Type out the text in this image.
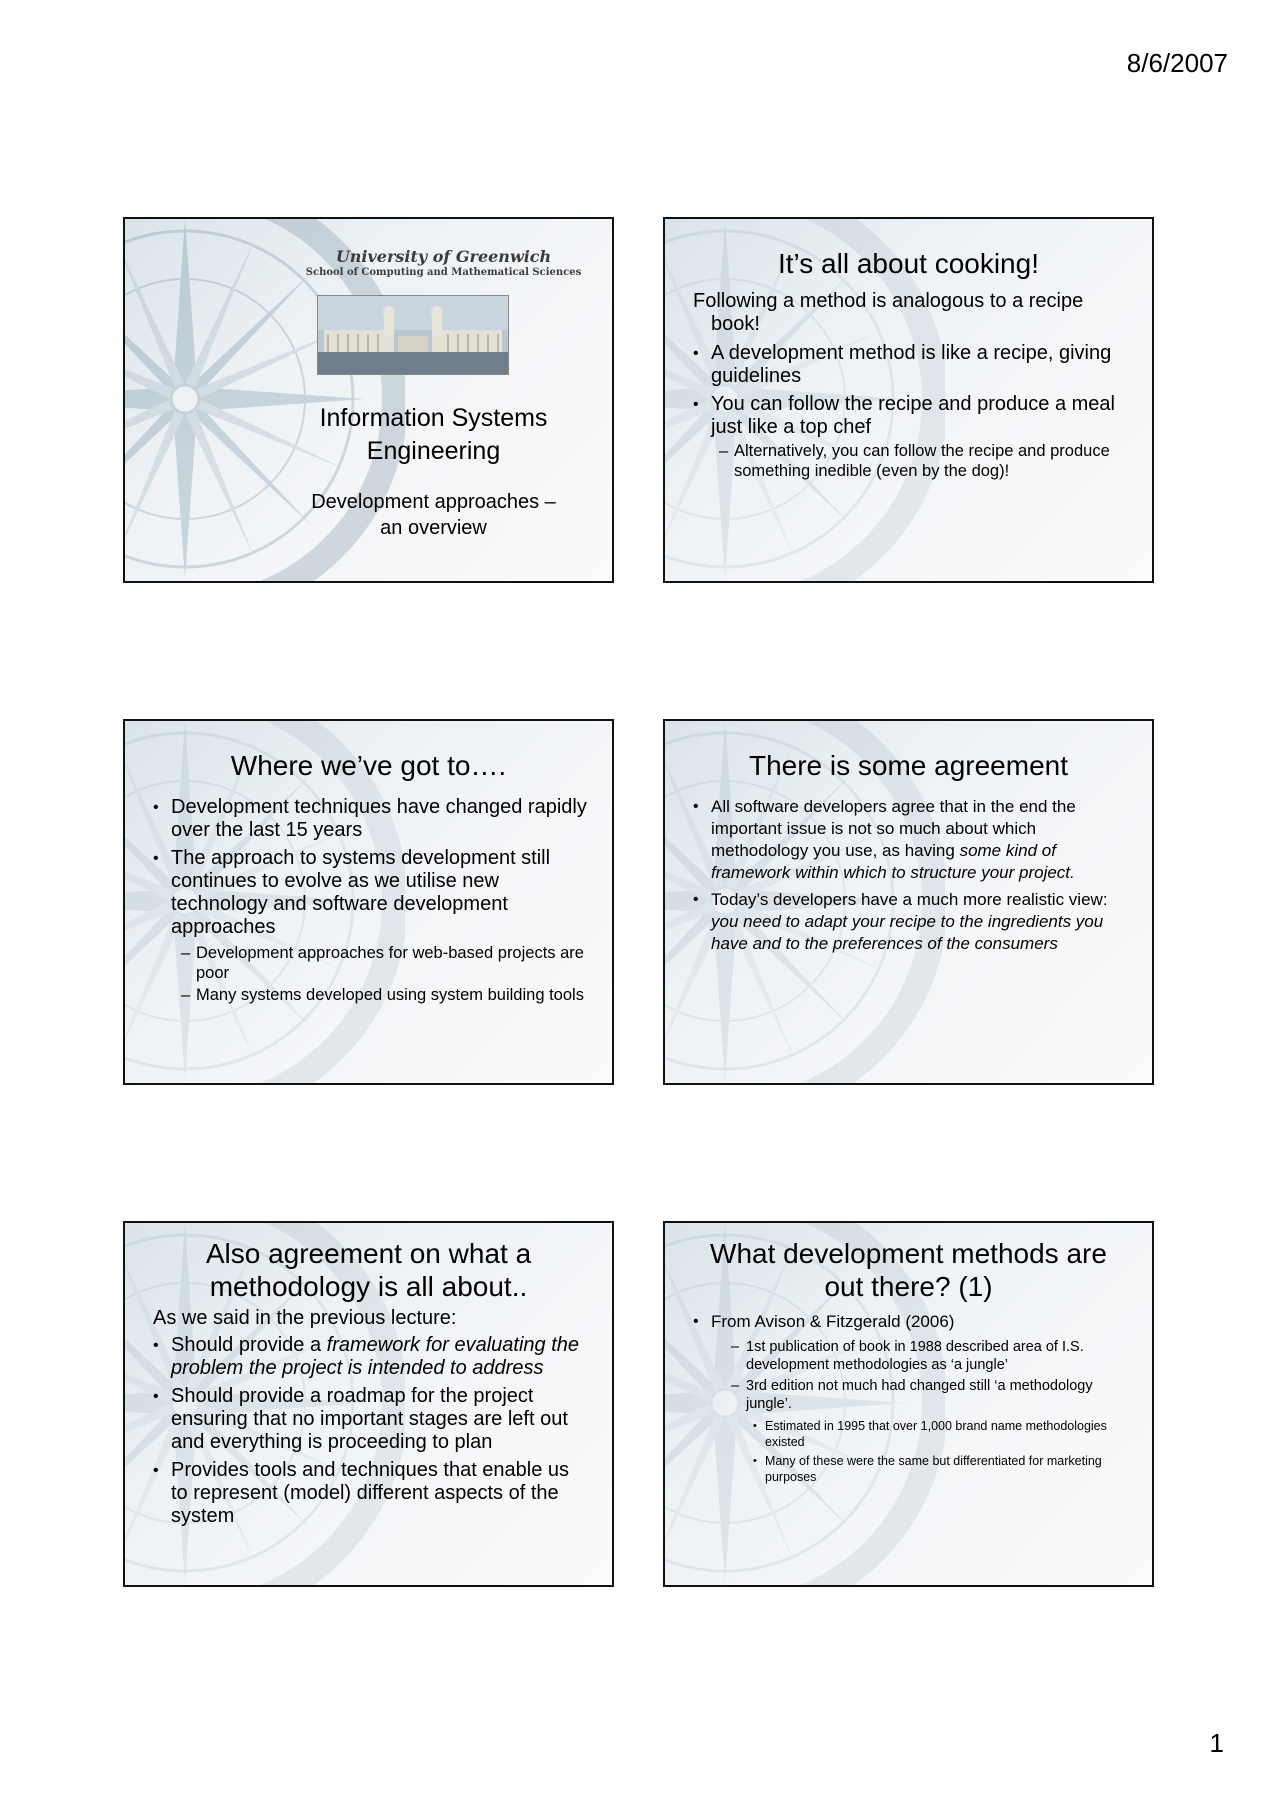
8/6/2007
University of Greenwich
School of Computing and Mathematical Sciences
Information Systems
Engineering
Development approaches –
an overview
It’s all about cooking!
Following a method is analogous to a recipe book!
• A development method is like a recipe, giving guidelines
• You can follow the recipe and produce a meal just like a top chef
– Alternatively, you can follow the recipe and produce something inedible (even by the dog)!
Where we’ve got to….
• Development techniques have changed rapidly over the last 15 years
• The approach to systems development still continues to evolve as we utilise new technology and software development approaches
– Development approaches for web-based projects are poor
– Many systems developed using system building tools
There is some agreement
• All software developers agree that in the end the important issue is not so much about which methodology you use, as having some kind of framework within which to structure your project.
• Today’s developers have a much more realistic view: you need to adapt your recipe to the ingredients you have and to the preferences of the consumers
Also agreement on what a
methodology is all about..
As we said in the previous lecture:
• Should provide a framework for evaluating the problem the project is intended to address
• Should provide a roadmap for the project ensuring that no important stages are left out and everything is proceeding to plan
• Provides tools and techniques that enable us to represent (model) different aspects of the system
What development methods are
out there? (1)
• From Avison & Fitzgerald (2006)
– 1st publication of book in 1988 described area of I.S. development methodologies as ‘a jungle’
– 3rd edition not much had changed still ‘a methodology jungle’.
• Estimated in 1995 that over 1,000 brand name methodologies existed
• Many of these were the same but differentiated for marketing purposes
1
